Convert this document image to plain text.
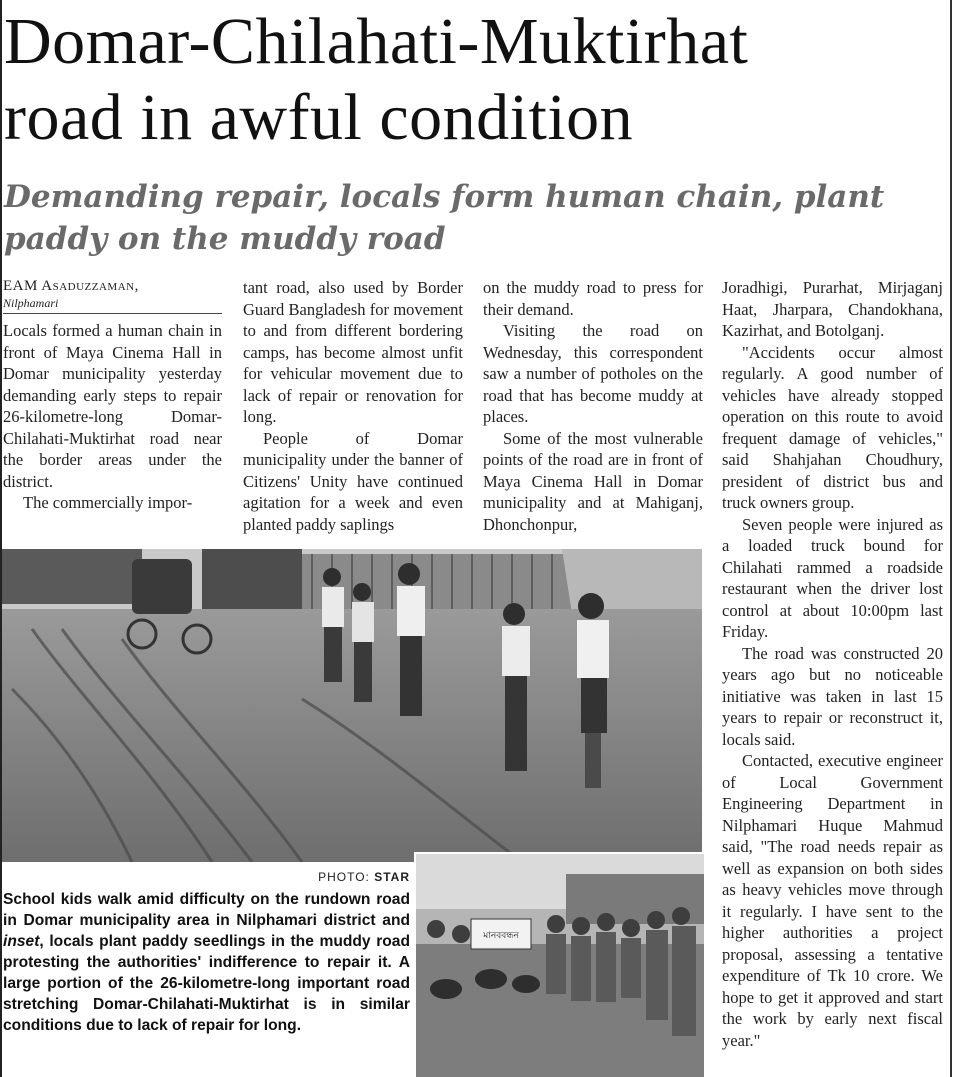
Domar-Chilahati-Muktirhat
road in awful condition
Demanding repair, locals form human chain, plant
paddy on the muddy road
EAM Asaduzzaman,
Nilphamari

Locals formed a human chain in front of Maya Cinema Hall in Domar municipality yesterday demanding early steps to repair 26-kilometre-long Domar-Chilahati-Muktirhat road near the border areas under the district.

The commercially impor-

tant road, also used by Border Guard Bangladesh for movement to and from different bordering camps, has become almost unfit for vehicular movement due to lack of repair or renovation for long.

People of Domar municipality under the banner of Citizens' Unity have continued agitation for a week and even planted paddy saplings

on the muddy road to press for their demand.

Visiting the road on Wednesday, this correspondent saw a number of potholes on the road that has become muddy at places.

Some of the most vulnerable points of the road are in front of Maya Cinema Hall in Domar municipality and at Mahiganj, Dhonchonpur,

Joradhigi, Purarhat, Mirjaganj Haat, Jharpara, Chandokhana, Kazirhat, and Botolganj.

"Accidents occur almost regularly. A good number of vehicles have already stopped operation on this route to avoid frequent damage of vehicles," said Shahjahan Choudhury, president of district bus and truck owners group.

Seven people were injured as a loaded truck bound for Chilahati rammed a roadside restaurant when the driver lost control at about 10:00pm last Friday.

The road was constructed 20 years ago but no noticeable initiative was taken in last 15 years to repair or reconstruct it, locals said.

Contacted, executive engineer of Local Government Engineering Department in Nilphamari Huque Mahmud said, "The road needs repair as well as expansion on both sides as heavy vehicles move through it regularly. I have sent to the higher authorities a project proposal, assessing a tentative expenditure of Tk 10 crore. We hope to get it approved and start the work by early next fiscal year."

মানববন্ধন
PHOTO: STAR
School kids walk amid difficulty on the rundown road in Domar municipality area in Nilphamari district and inset, locals plant paddy seedlings in the muddy road protesting the authorities' indifference to repair it. A large portion of the 26-kilometre-long important road stretching Domar-Chilahati-Muktirhat is in similar conditions due to lack of repair for long.
